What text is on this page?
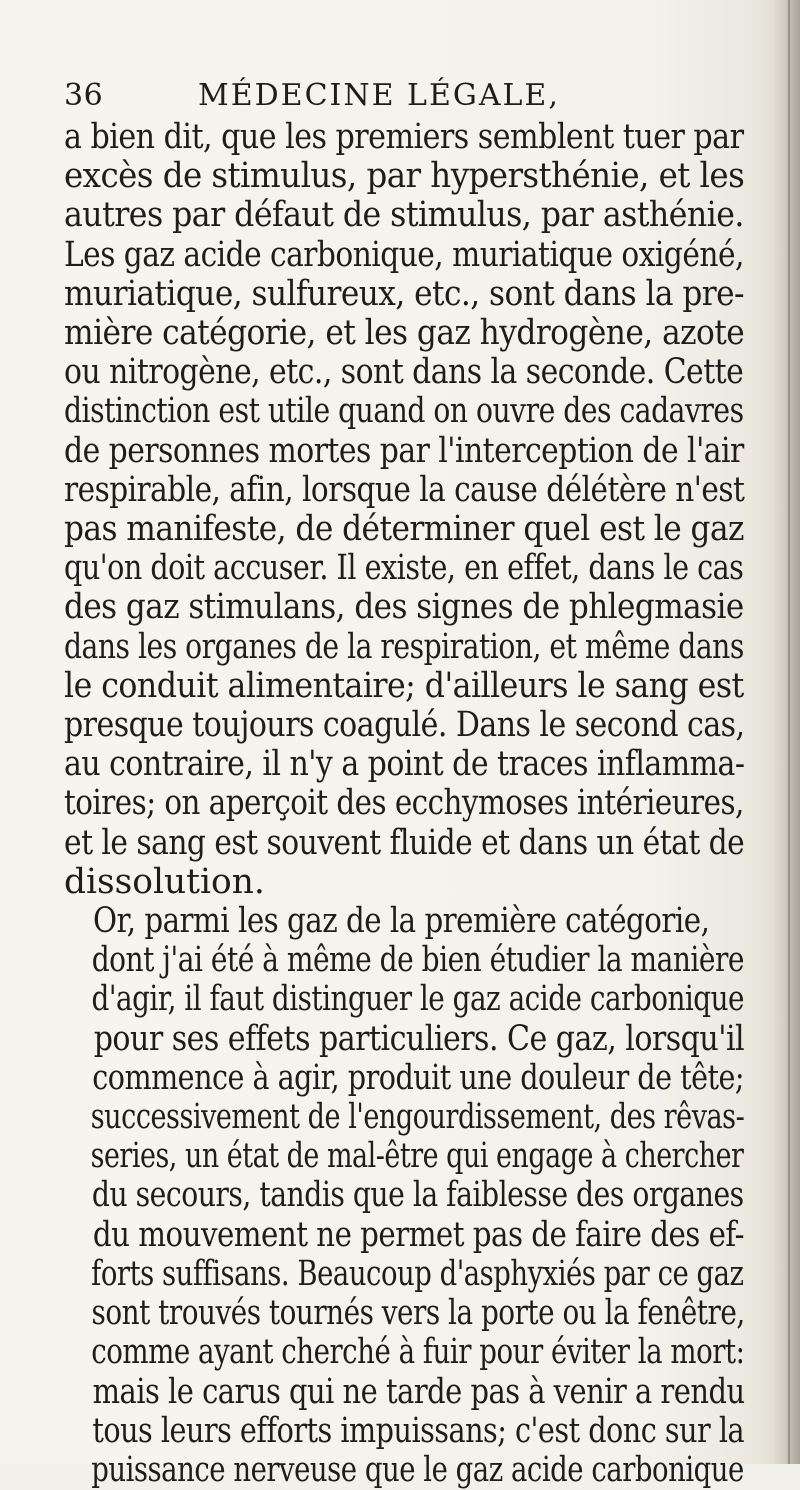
36	MÉDECINE LÉGALE,

a bien dit, que les premiers semblent tuer par
excès de stimulus, par hypersthénie, et les
autres par défaut de stimulus, par asthénie.
Les gaz acide carbonique, muriatique oxigéné,
muriatique, sulfureux, etc., sont dans la pre-
mière catégorie, et les gaz hydrogène, azote
ou nitrogène, etc., sont dans la seconde. Cette
distinction est utile quand on ouvre des cadavres
de personnes mortes par l'interception de l'air
respirable, afin, lorsque la cause délétère n'est
pas manifeste, de déterminer quel est le gaz
qu'on doit accuser. Il existe, en effet, dans le cas
des gaz stimulans, des signes de phlegmasie
dans les organes de la respiration, et même dans
le conduit alimentaire; d'ailleurs le sang est
presque toujours coagulé. Dans le second cas,
au contraire, il n'y a point de traces inflamma-
toires; on aperçoit des ecchymoses intérieures,
et le sang est souvent fluide et dans un état de
dissolution.

Or, parmi les gaz de la première catégorie,
dont j'ai été à même de bien étudier la manière
d'agir, il faut distinguer le gaz acide carbonique
pour ses effets particuliers. Ce gaz, lorsqu'il
commence à agir, produit une douleur de tête;
successivement de l'engourdissement, des rêvas-
series, un état de mal-être qui engage à chercher
du secours, tandis que la faiblesse des organes
du mouvement ne permet pas de faire des ef-
forts suffisans. Beaucoup d'asphyxiés par ce gaz
sont trouvés tournés vers la porte ou la fenêtre,
comme ayant cherché à fuir pour éviter la mort:
mais le carus qui ne tarde pas à venir a rendu
tous leurs efforts impuissans; c'est donc sur la
puissance nerveuse que le gaz acide carbonique
